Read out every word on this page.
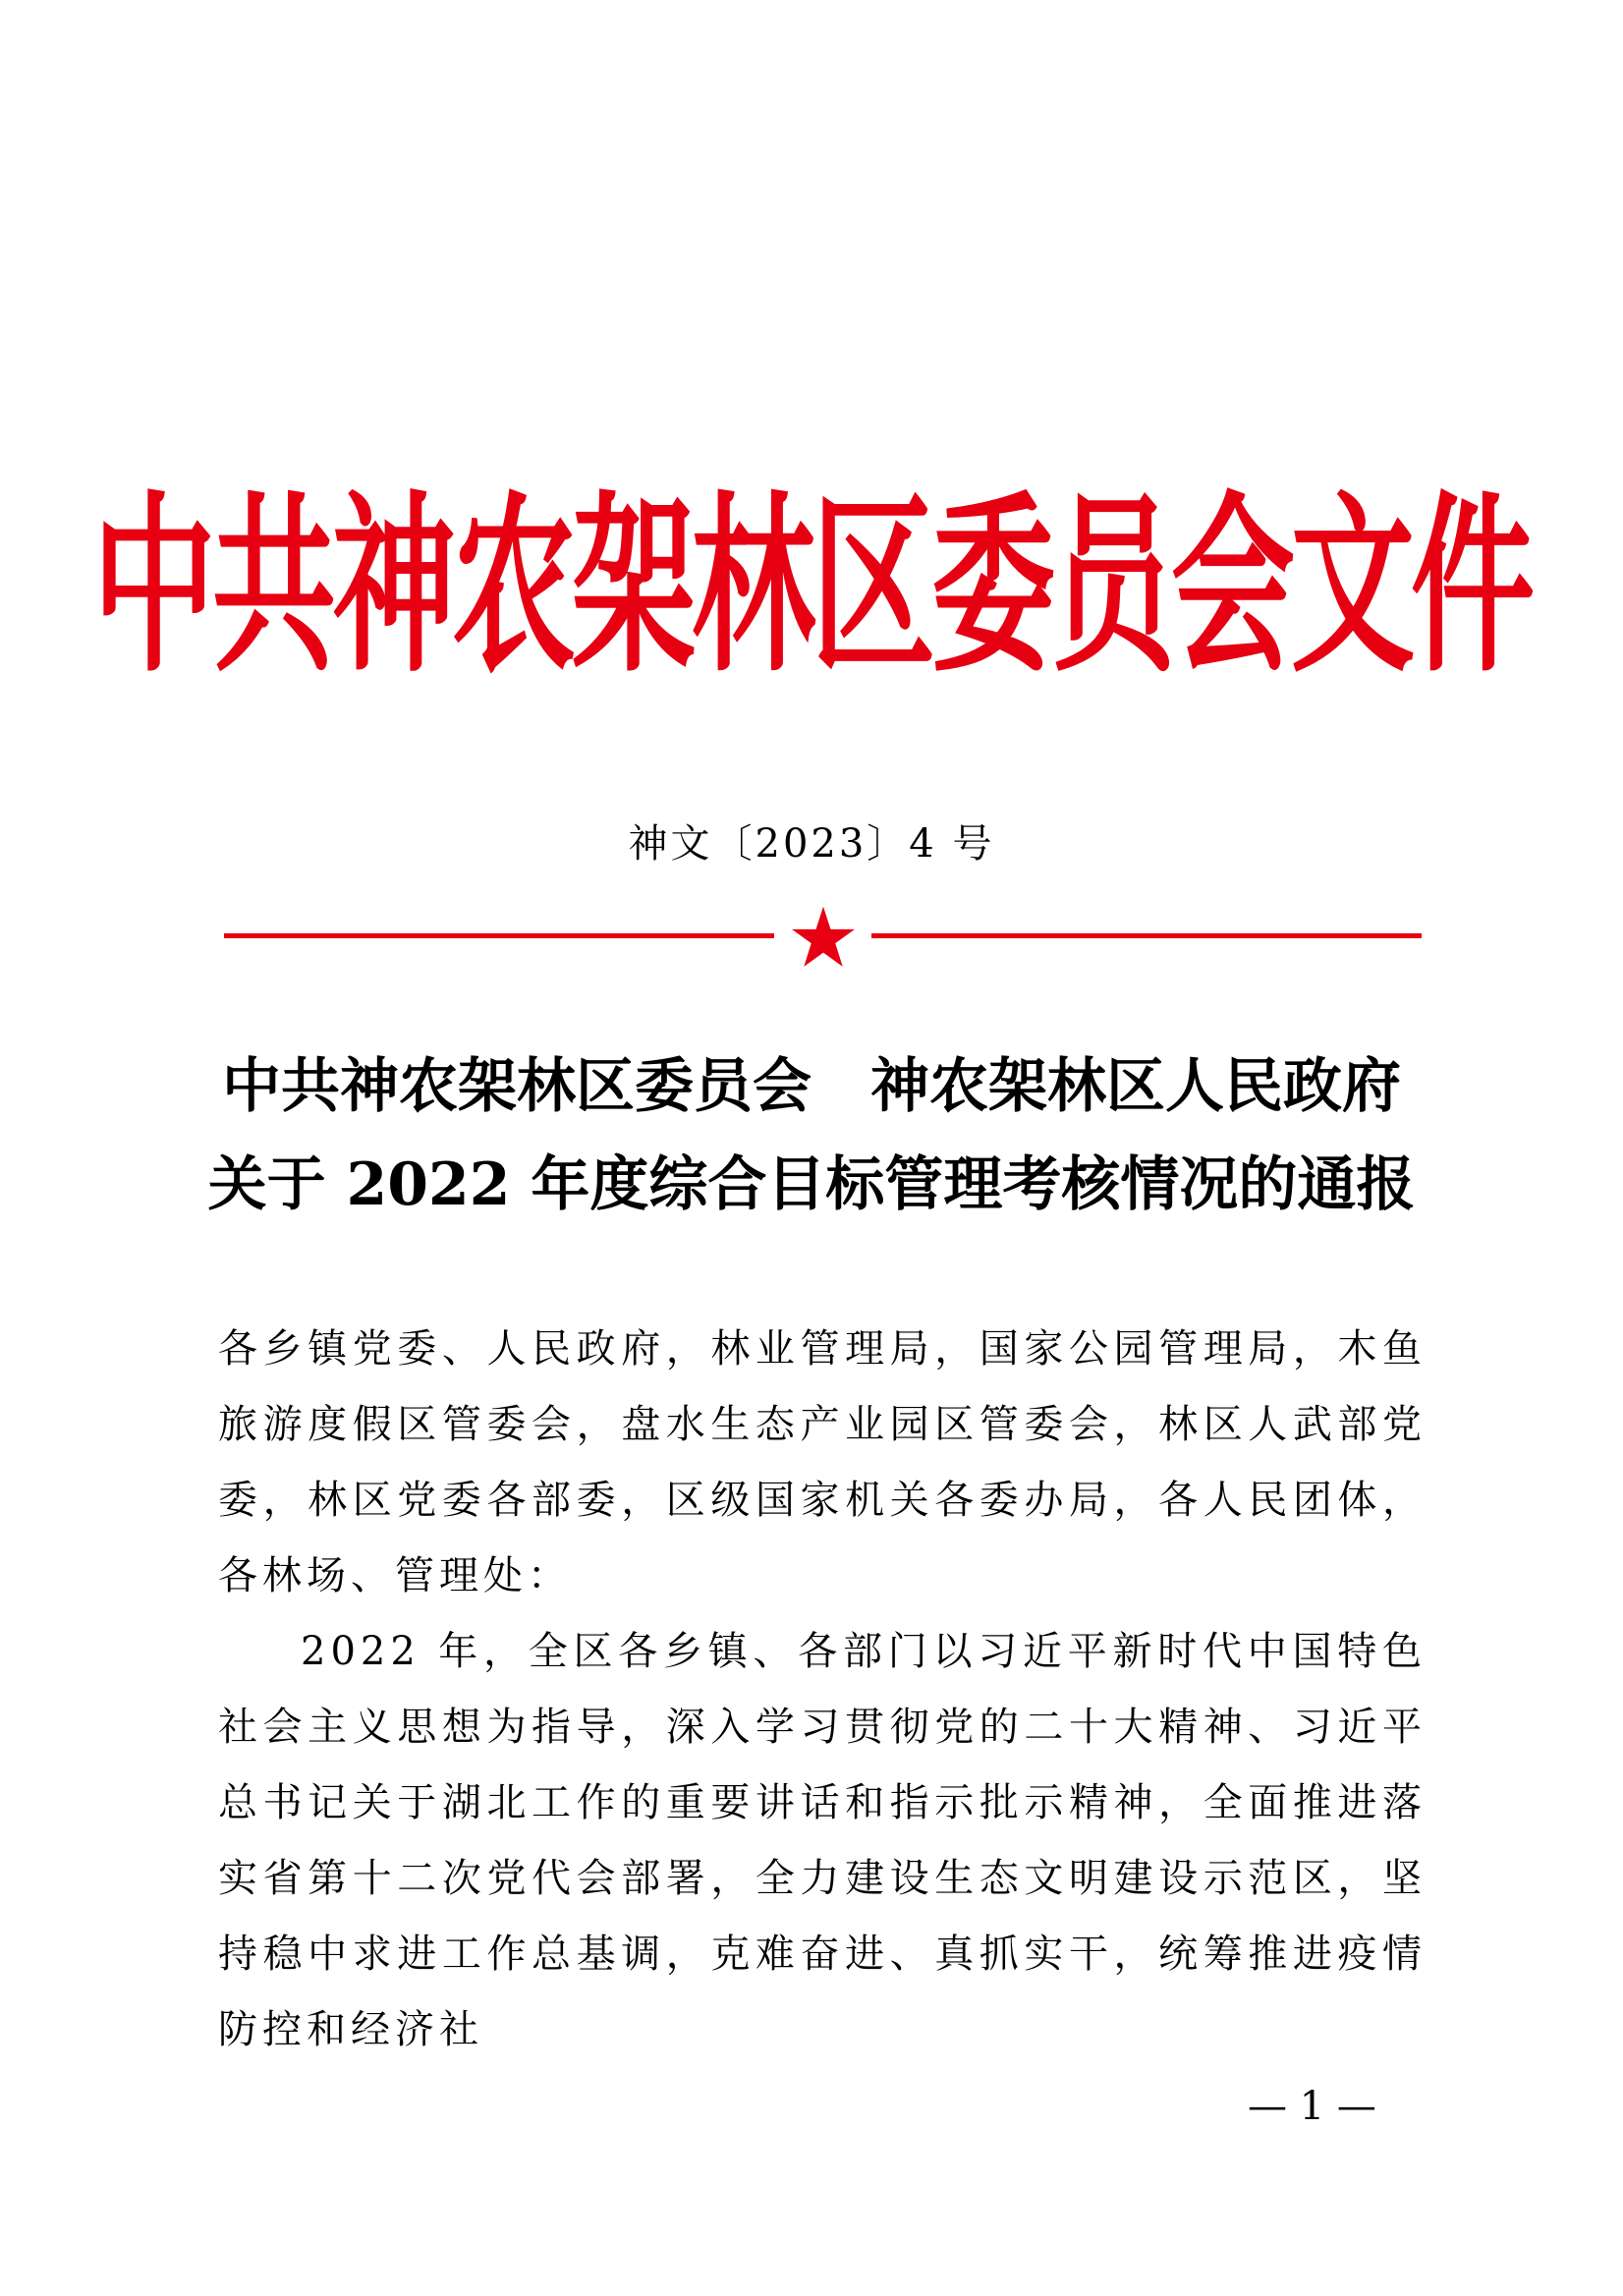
中共神农架林区委员会文件
神文〔2023〕4 号
中共神农架林区委员会　神农架林区人民政府
关于 2022 年度综合目标管理考核情况的通报

各乡镇党委、人民政府，林业管理局，国家公园管理局，木鱼旅游度假区管委会，盘水生态产业园区管委会，林区人武部党委，林区党委各部委，区级国家机关各委办局，各人民团体，各林场、管理处：

2022 年，全区各乡镇、各部门以习近平新时代中国特色社会主义思想为指导，深入学习贯彻党的二十大精神、习近平总书记关于湖北工作的重要讲话和指示批示精神，全面推进落实省第十二次党代会部署，全力建设生态文明建设示范区，坚持稳中求进工作总基调，克难奋进、真抓实干，统筹推进疫情防控和经济社

— 1 —
